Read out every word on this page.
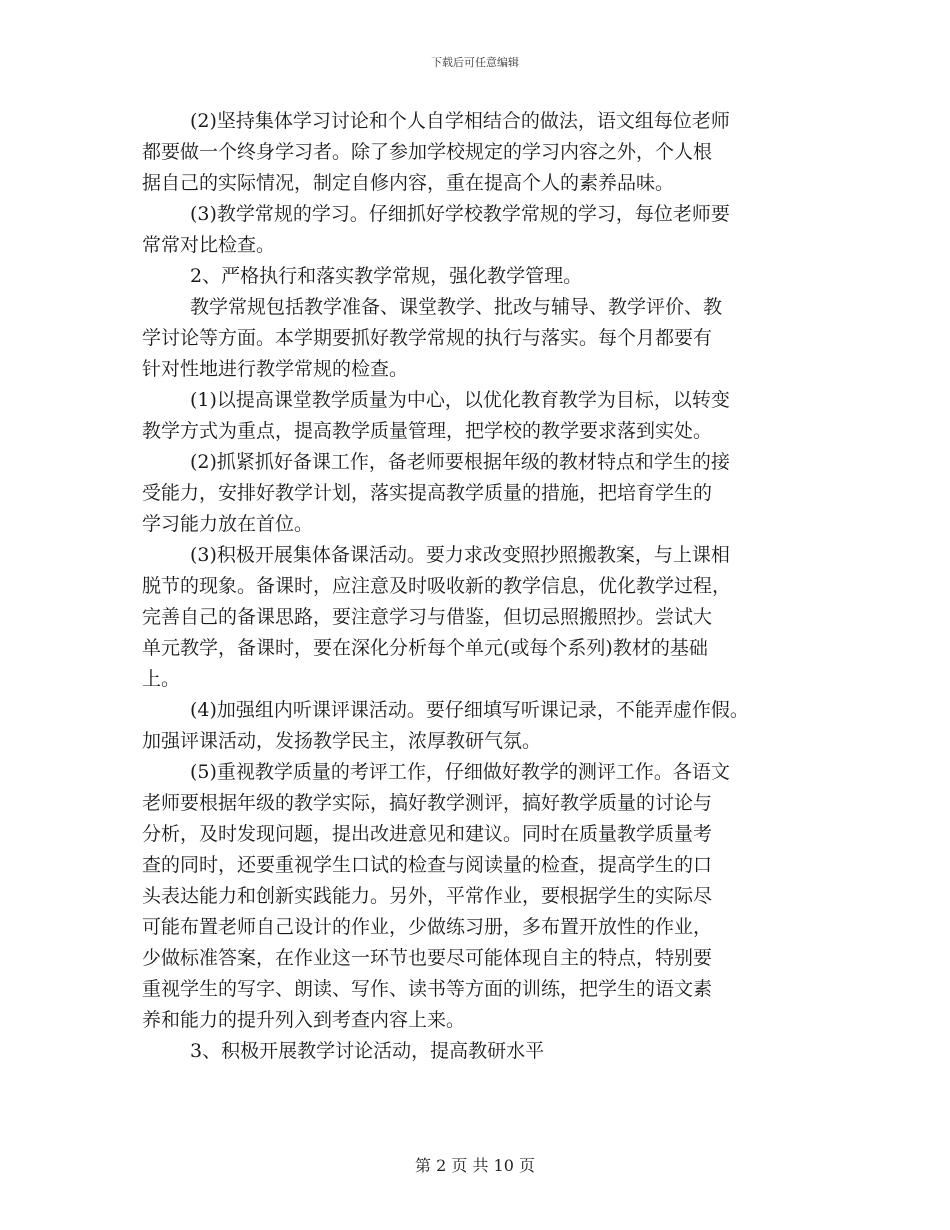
下载后可任意编辑
(2)坚持集体学习讨论和个人自学相结合的做法，语文组每位老师
都要做一个终身学习者。除了参加学校规定的学习内容之外，个人根
据自己的实际情况，制定自修内容，重在提高个人的素养品味。
(3)教学常规的学习。仔细抓好学校教学常规的学习，每位老师要
常常对比检查。
2、严格执行和落实教学常规，强化教学管理。
教学常规包括教学准备、课堂教学、批改与辅导、教学评价、教
学讨论等方面。本学期要抓好教学常规的执行与落实。每个月都要有
针对性地进行教学常规的检查。
(1)以提高课堂教学质量为中心，以优化教育教学为目标，以转变
教学方式为重点，提高教学质量管理，把学校的教学要求落到实处。
(2)抓紧抓好备课工作，备老师要根据年级的教材特点和学生的接
受能力，安排好教学计划，落实提高教学质量的措施，把培育学生的
学习能力放在首位。
(3)积极开展集体备课活动。要力求改变照抄照搬教案，与上课相
脱节的现象。备课时，应注意及时吸收新的教学信息，优化教学过程，
完善自己的备课思路，要注意学习与借鉴，但切忌照搬照抄。尝试大
单元教学，备课时，要在深化分析每个单元(或每个系列)教材的基础
上。
(4)加强组内听课评课活动。要仔细填写听课记录，不能弄虚作假。
加强评课活动，发扬教学民主，浓厚教研气氛。
(5)重视教学质量的考评工作，仔细做好教学的测评工作。各语文
老师要根据年级的教学实际，搞好教学测评，搞好教学质量的讨论与
分析，及时发现问题，提出改进意见和建议。同时在质量教学质量考
查的同时，还要重视学生口试的检查与阅读量的检查，提高学生的口
头表达能力和创新实践能力。另外，平常作业，要根据学生的实际尽
可能布置老师自己设计的作业，少做练习册，多布置开放性的作业，
少做标准答案，在作业这一环节也要尽可能体现自主的特点，特别要
重视学生的写字、朗读、写作、读书等方面的训练，把学生的语文素
养和能力的提升列入到考查内容上来。
3、积极开展教学讨论活动，提高教研水平
第 2 页 共 10 页
